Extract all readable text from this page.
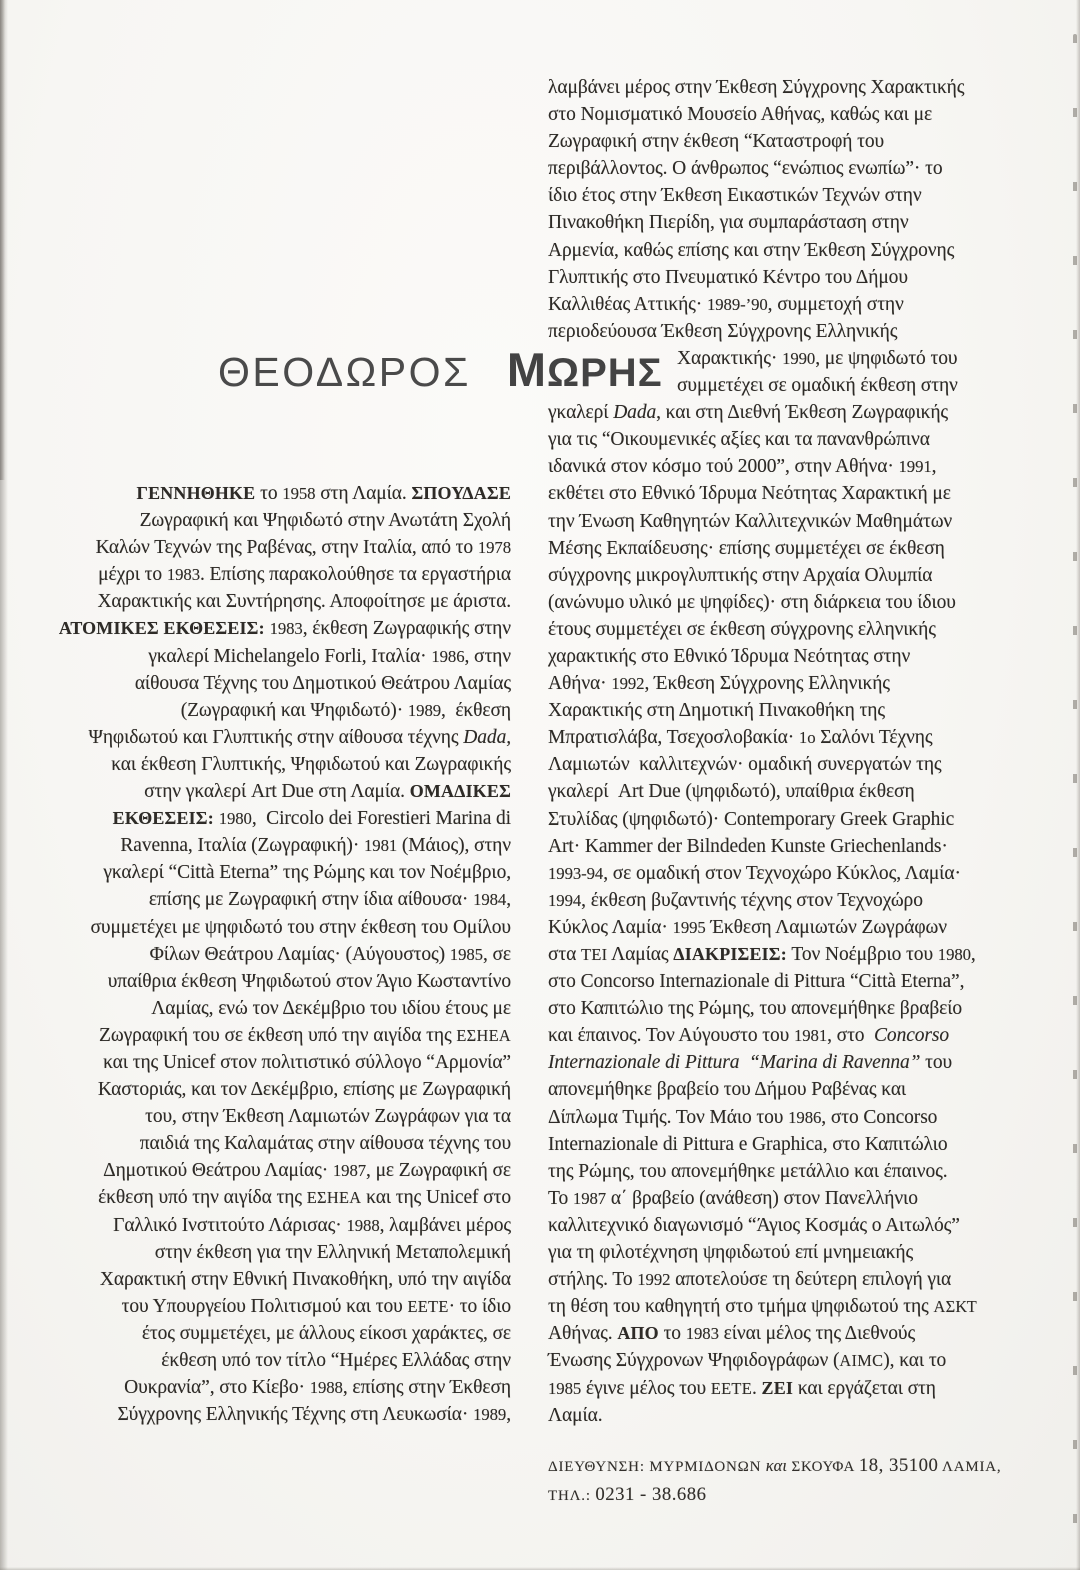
ΘΕΟΔΩΡΟΣ ΜΩΡΗΣ
ΓΕΝΝΗΘΗΚΕ το 1958 στη Λαμία. ΣΠΟΥΔΑΣΕ
Ζωγραφική και Ψηφιδωτό στην Ανωτάτη Σχολή
Καλών Τεχνών της Ραβένας, στην Ιταλία, από το 1978
μέχρι το 1983. Επίσης παρακολούθησε τα εργαστήρια
Χαρακτικής και Συντήρησης. Αποφοίτησε με άριστα.
ΑΤΟΜΙΚΕΣ ΕΚΘΕΣΕΙΣ: 1983, έκθεση Ζωγραφικής στην
γκαλερί Michelangelo Forli, Ιταλία· 1986, στην
αίθουσα Τέχνης του Δημοτικού Θεάτρου Λαμίας
(Ζωγραφική και Ψηφιδωτό)· 1989,  έκθεση
Ψηφιδωτού και Γλυπτικής στην αίθουσα τέχνης Dada,
και έκθεση Γλυπτικής, Ψηφιδωτού και Ζωγραφικής
στην γκαλερί Art Due στη Λαμία. ΟΜΑΔΙΚΕΣ
ΕΚΘΕΣΕΙΣ: 1980,  Circolo dei Forestieri Marina di
Ravenna, Ιταλία (Ζωγραφική)· 1981 (Μάιος), στην
γκαλερί “Città Eterna” της Ρώμης και τον Νοέμβριο,
επίσης με Ζωγραφική στην ίδια αίθουσα· 1984,
συμμετέχει με ψηφιδωτό του στην έκθεση του Ομίλου
Φίλων Θεάτρου Λαμίας· (Αύγουστος) 1985, σε
υπαίθρια έκθεση Ψηφιδωτού στον Άγιο Κωσταντίνο
Λαμίας, ενώ τον Δεκέμβριο του ιδίου έτους με
Ζωγραφική του σε έκθεση υπό την αιγίδα της ΕΣΗΕΑ
και της Unicef στον πολιτιστικό σύλλογο “Αρμονία”
Καστοριάς, και τον Δεκέμβριο, επίσης με Ζωγραφική
του, στην Έκθεση Λαμιωτών Ζωγράφων για τα
παιδιά της Καλαμάτας στην αίθουσα τέχνης του
Δημοτικού Θεάτρου Λαμίας· 1987, με Ζωγραφική σε
έκθεση υπό την αιγίδα της ΕΣΗΕΑ και της Unicef στο
Γαλλικό Ινστιτούτο Λάρισας· 1988, λαμβάνει μέρος
στην έκθεση για την Ελληνική Μεταπολεμική
Χαρακτική στην Εθνική Πινακοθήκη, υπό την αιγίδα
του Υπουργείου Πολιτισμού και του ΕΕΤΕ· το ίδιο
έτος συμμετέχει, με άλλους είκοσι χαράκτες, σε
έκθεση υπό τον τίτλο “Ημέρες Ελλάδας στην
Ουκρανία”, στο Κίεβο· 1988, επίσης στην Έκθεση
Σύγχρονης Ελληνικής Τέχνης στη Λευκωσία· 1989,
λαμβάνει μέρος στην Έκθεση Σύγχρονης Χαρακτικής
στο Νομισματικό Μουσείο Αθήνας, καθώς και με
Ζωγραφική στην έκθεση “Καταστροφή του
περιβάλλοντος. Ο άνθρωπος “ενώπιος ενωπίω”· το
ίδιο έτος στην Έκθεση Εικαστικών Τεχνών στην
Πινακοθήκη Πιερίδη, για συμπαράσταση στην
Αρμενία, καθώς επίσης και στην Έκθεση Σύγχρονης
Γλυπτικής στο Πνευματικό Κέντρο του Δήμου
Καλλιθέας Αττικής· 1989-’90, συμμετοχή στην
περιοδεύουσα Έκθεση Σύγχρονης Ελληνικής
Χαρακτικής· 1990, με ψηφιδωτό του
συμμετέχει σε ομαδική έκθεση στην
γκαλερί Dada, και στη Διεθνή Έκθεση Ζωγραφικής
για τις “Οικουμενικές αξίες και τα πανανθρώπινα
ιδανικά στον κόσμο τού 2000”, στην Αθήνα· 1991,
εκθέτει στο Εθνικό Ίδρυμα Νεότητας Χαρακτική με
την Ένωση Καθηγητών Καλλιτεχνικών Μαθημάτων
Μέσης Εκπαίδευσης· επίσης συμμετέχει σε έκθεση
σύγχρονης μικρογλυπτικής στην Αρχαία Ολυμπία
(ανώνυμο υλικό με ψηφίδες)· στη διάρκεια του ίδιου
έτους συμμετέχει σε έκθεση σύγχρονης ελληνικής
χαρακτικής στο Εθνικό Ίδρυμα Νεότητας στην
Αθήνα· 1992, Έκθεση Σύγχρονης Ελληνικής
Χαρακτικής στη Δημοτική Πινακοθήκη της
Μπρατισλάβα, Τσεχοσλοβακία· 1ο Σαλόνι Τέχνης
Λαμιωτών  καλλιτεχνών· ομαδική συνεργατών της
γκαλερί  Art Due (ψηφιδωτό), υπαίθρια έκθεση
Στυλίδας (ψηφιδωτό)· Contemporary Greek Graphic
Art· Kammer der Bilndeden Kunste Griechenlands·
1993-94, σε ομαδική στον Τεχνοχώρο Κύκλος, Λαμία·
1994, έκθεση βυζαντινής τέχνης στον Τεχνοχώρο
Κύκλος Λαμία· 1995 Έκθεση Λαμιωτών Ζωγράφων
στα ΤΕΙ Λαμίας ΔΙΑΚΡΙΣΕΙΣ: Τον Νοέμβριο του 1980,
στο Concorso Internazionale di Pittura “Città Eterna”,
στο Καπιτώλιο της Ρώμης, του απονεμήθηκε βραβείο
και έπαινος. Τον Αύγουστο του 1981, στο  Concorso
Internazionale di Pittura  “Marina di Ravenna” του
απονεμήθηκε βραβείο του Δήμου Ραβένας και
Δίπλωμα Τιμής. Τον Μάιο του 1986, στο Concorso
Internazionale di Pittura e Graphica, στο Καπιτώλιο
της Ρώμης, του απονεμήθηκε μετάλλιο και έπαινος.
Το 1987 α΄ βραβείο (ανάθεση) στον Πανελλήνιο
καλλιτεχνικό διαγωνισμό “Άγιος Κοσμάς ο Αιτωλός”
για τη φιλοτέχνηση ψηφιδωτού επί μνημειακής
στήλης. Το 1992 αποτελούσε τη δεύτερη επιλογή για
τη θέση του καθηγητή στο τμήμα ψηφιδωτού της ΑΣΚΤ
Αθήνας. ΑΠΟ το 1983 είναι μέλος της Διεθνούς
Ένωσης Σύγχρονων Ψηφιδογράφων (AIMC), και το
1985 έγινε μέλος του ΕΕΤΕ. ΖΕΙ και εργάζεται στη
Λαμία.
ΔΙΕΥΘΥΝΣΗ: ΜΥΡΜΙΔΟΝΩΝ και ΣΚΟΥΦΑ 18, 35100 ΛΑΜΙΑ,
ΤΗΛ.: 0231 - 38.686
